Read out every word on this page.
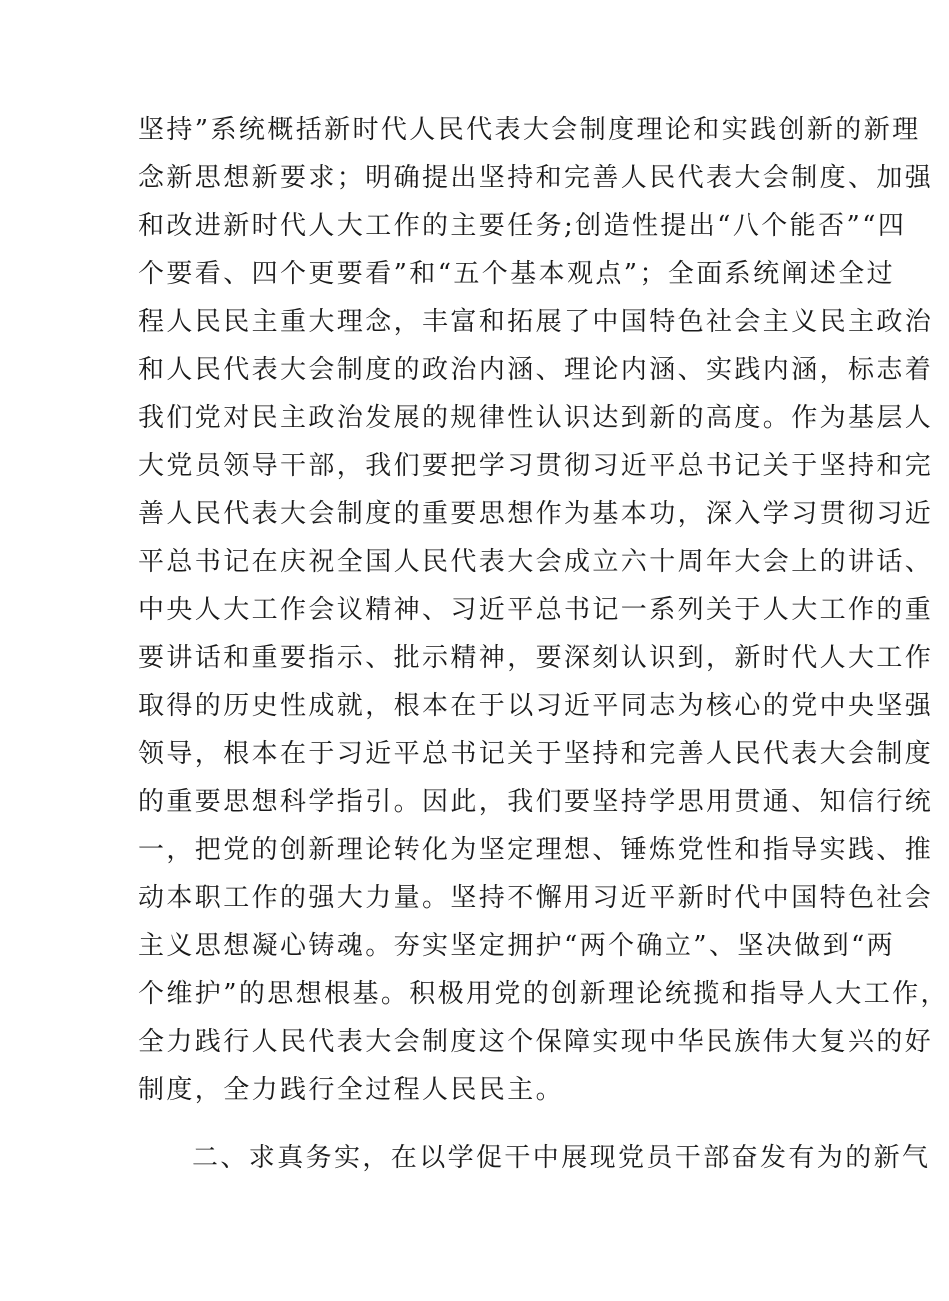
坚持”系统概括新时代人民代表大会制度理论和实践创新的新理
念新思想新要求；明确提出坚持和完善人民代表大会制度、加强
和改进新时代人大工作的主要任务;创造性提出“八个能否”“四
个要看、四个更要看”和“五个基本观点”；全面系统阐述全过
程人民民主重大理念，丰富和拓展了中国特色社会主义民主政治
和人民代表大会制度的政治内涵、理论内涵、实践内涵，标志着
我们党对民主政治发展的规律性认识达到新的高度。作为基层人
大党员领导干部，我们要把学习贯彻习近平总书记关于坚持和完
善人民代表大会制度的重要思想作为基本功，深入学习贯彻习近
平总书记在庆祝全国人民代表大会成立六十周年大会上的讲话、
中央人大工作会议精神、习近平总书记一系列关于人大工作的重
要讲话和重要指示、批示精神，要深刻认识到，新时代人大工作
取得的历史性成就，根本在于以习近平同志为核心的党中央坚强
领导，根本在于习近平总书记关于坚持和完善人民代表大会制度
的重要思想科学指引。因此，我们要坚持学思用贯通、知信行统
一，把党的创新理论转化为坚定理想、锤炼党性和指导实践、推
动本职工作的强大力量。坚持不懈用习近平新时代中国特色社会
主义思想凝心铸魂。夯实坚定拥护“两个确立”、坚决做到“两
个维护”的思想根基。积极用党的创新理论统揽和指导人大工作，
全力践行人民代表大会制度这个保障实现中华民族伟大复兴的好
制度，全力践行全过程人民民主。
二、求真务实，在以学促干中展现党员干部奋发有为的新气
